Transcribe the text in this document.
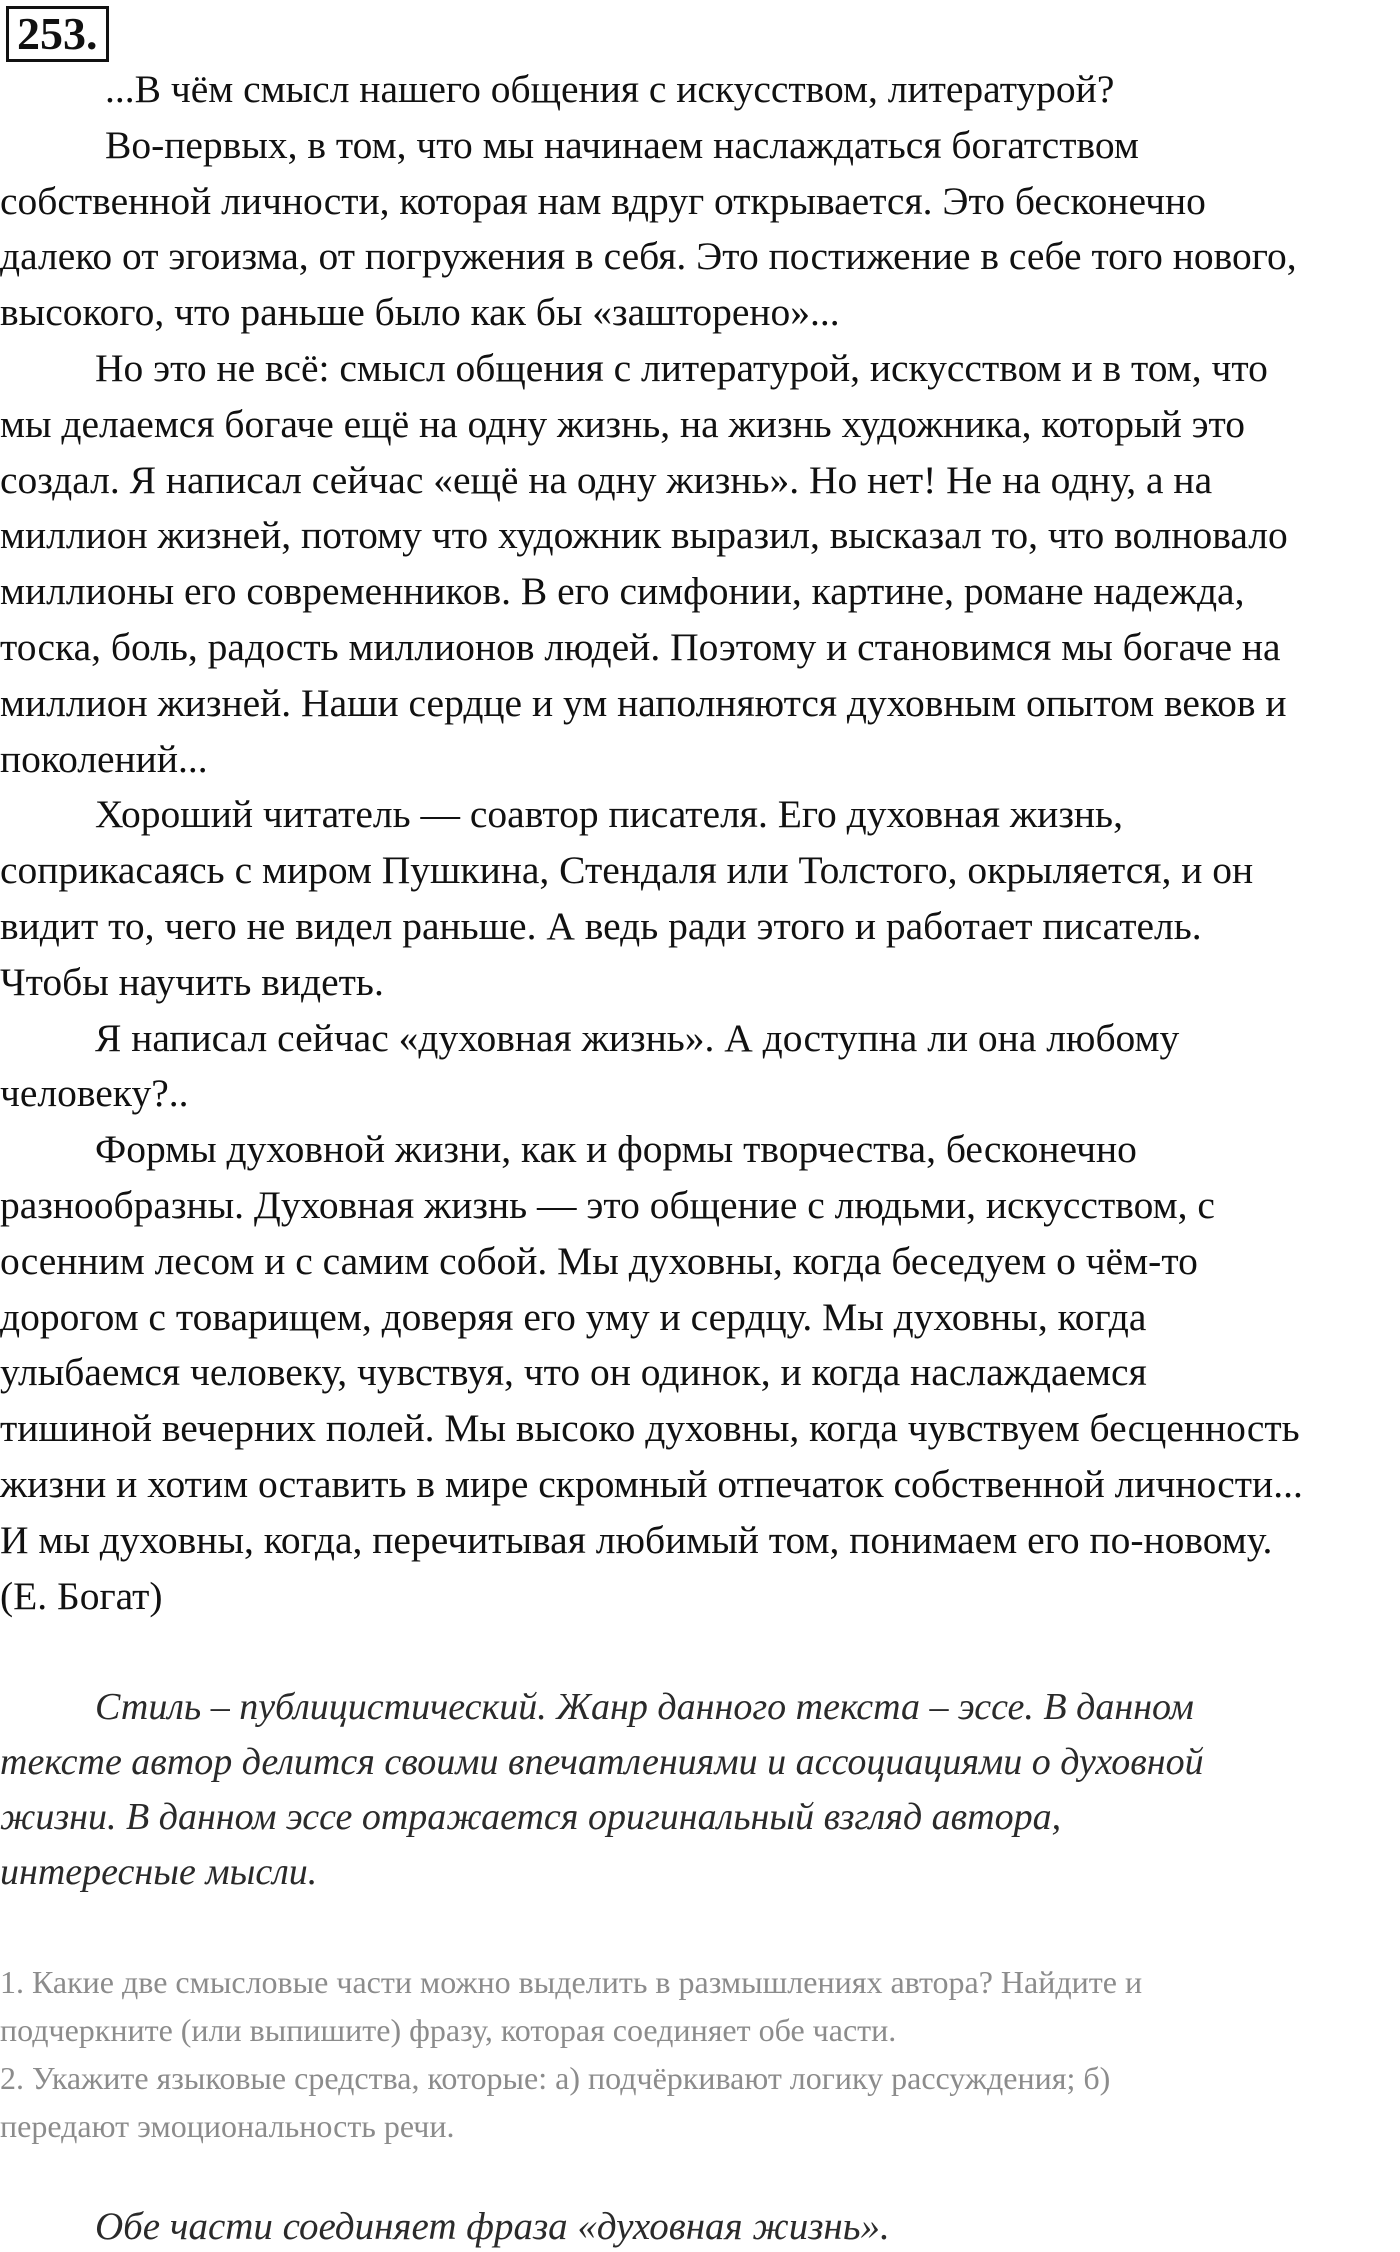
253.
...В чём смысл нашего общения с искусством, литературой?
Во-первых, в том, что мы начинаем наслаждаться богатством
собственной личности, которая нам вдруг открывается. Это бесконечно
далеко от эгоизма, от погружения в себя. Это постижение в себе того нового,
высокого, что раньше было как бы «зашторено»...
Но это не всё: смысл общения с литературой, искусством и в том, что
мы делаемся богаче ещё на одну жизнь, на жизнь художника, который это
создал. Я написал сейчас «ещё на одну жизнь». Но нет! Не на одну, а на
миллион жизней, потому что художник выразил, высказал то, что волновало
миллионы его современников. В его симфонии, картине, романе надежда,
тоска, боль, радость миллионов людей. Поэтому и становимся мы богаче на
миллион жизней. Наши сердце и ум наполняются духовным опытом веков и
поколений...
Хороший читатель — соавтор писателя. Его духовная жизнь,
соприкасаясь с миром Пушкина, Стендаля или Толстого, окрыляется, и он
видит то, чего не видел раньше. А ведь ради этого и работает писатель.
Чтобы научить видеть.
Я написал сейчас «духовная жизнь». А доступна ли она любому
человеку?..
Формы духовной жизни, как и формы творчества, бесконечно
разнообразны. Духовная жизнь — это общение с людьми, искусством, с
осенним лесом и с самим собой. Мы духовны, когда беседуем о чём-то
дорогом с товарищем, доверяя его уму и сердцу. Мы духовны, когда
улыбаемся человеку, чувствуя, что он одинок, и когда наслаждаемся
тишиной вечерних полей. Мы высоко духовны, когда чувствуем бесценность
жизни и хотим оставить в мире скромный отпечаток собственной личности...
И мы духовны, когда, перечитывая любимый том, понимаем его по-новому.
(Е. Богат)
Стиль – публицистический. Жанр данного текста – эссе. В данном
тексте автор делится своими впечатлениями и ассоциациями о духовной
жизни. В данном эссе отражается оригинальный взгляд автора,
интересные мысли.
1. Какие две смысловые части можно выделить в размышлениях автора? Найдите и
подчеркните (или выпишите) фразу, которая соединяет обе части.
2. Укажите языковые средства, которые: а) подчёркивают логику рассуждения; б)
передают эмоциональность речи.
Обе части соединяет фраза «духовная жизнь».
